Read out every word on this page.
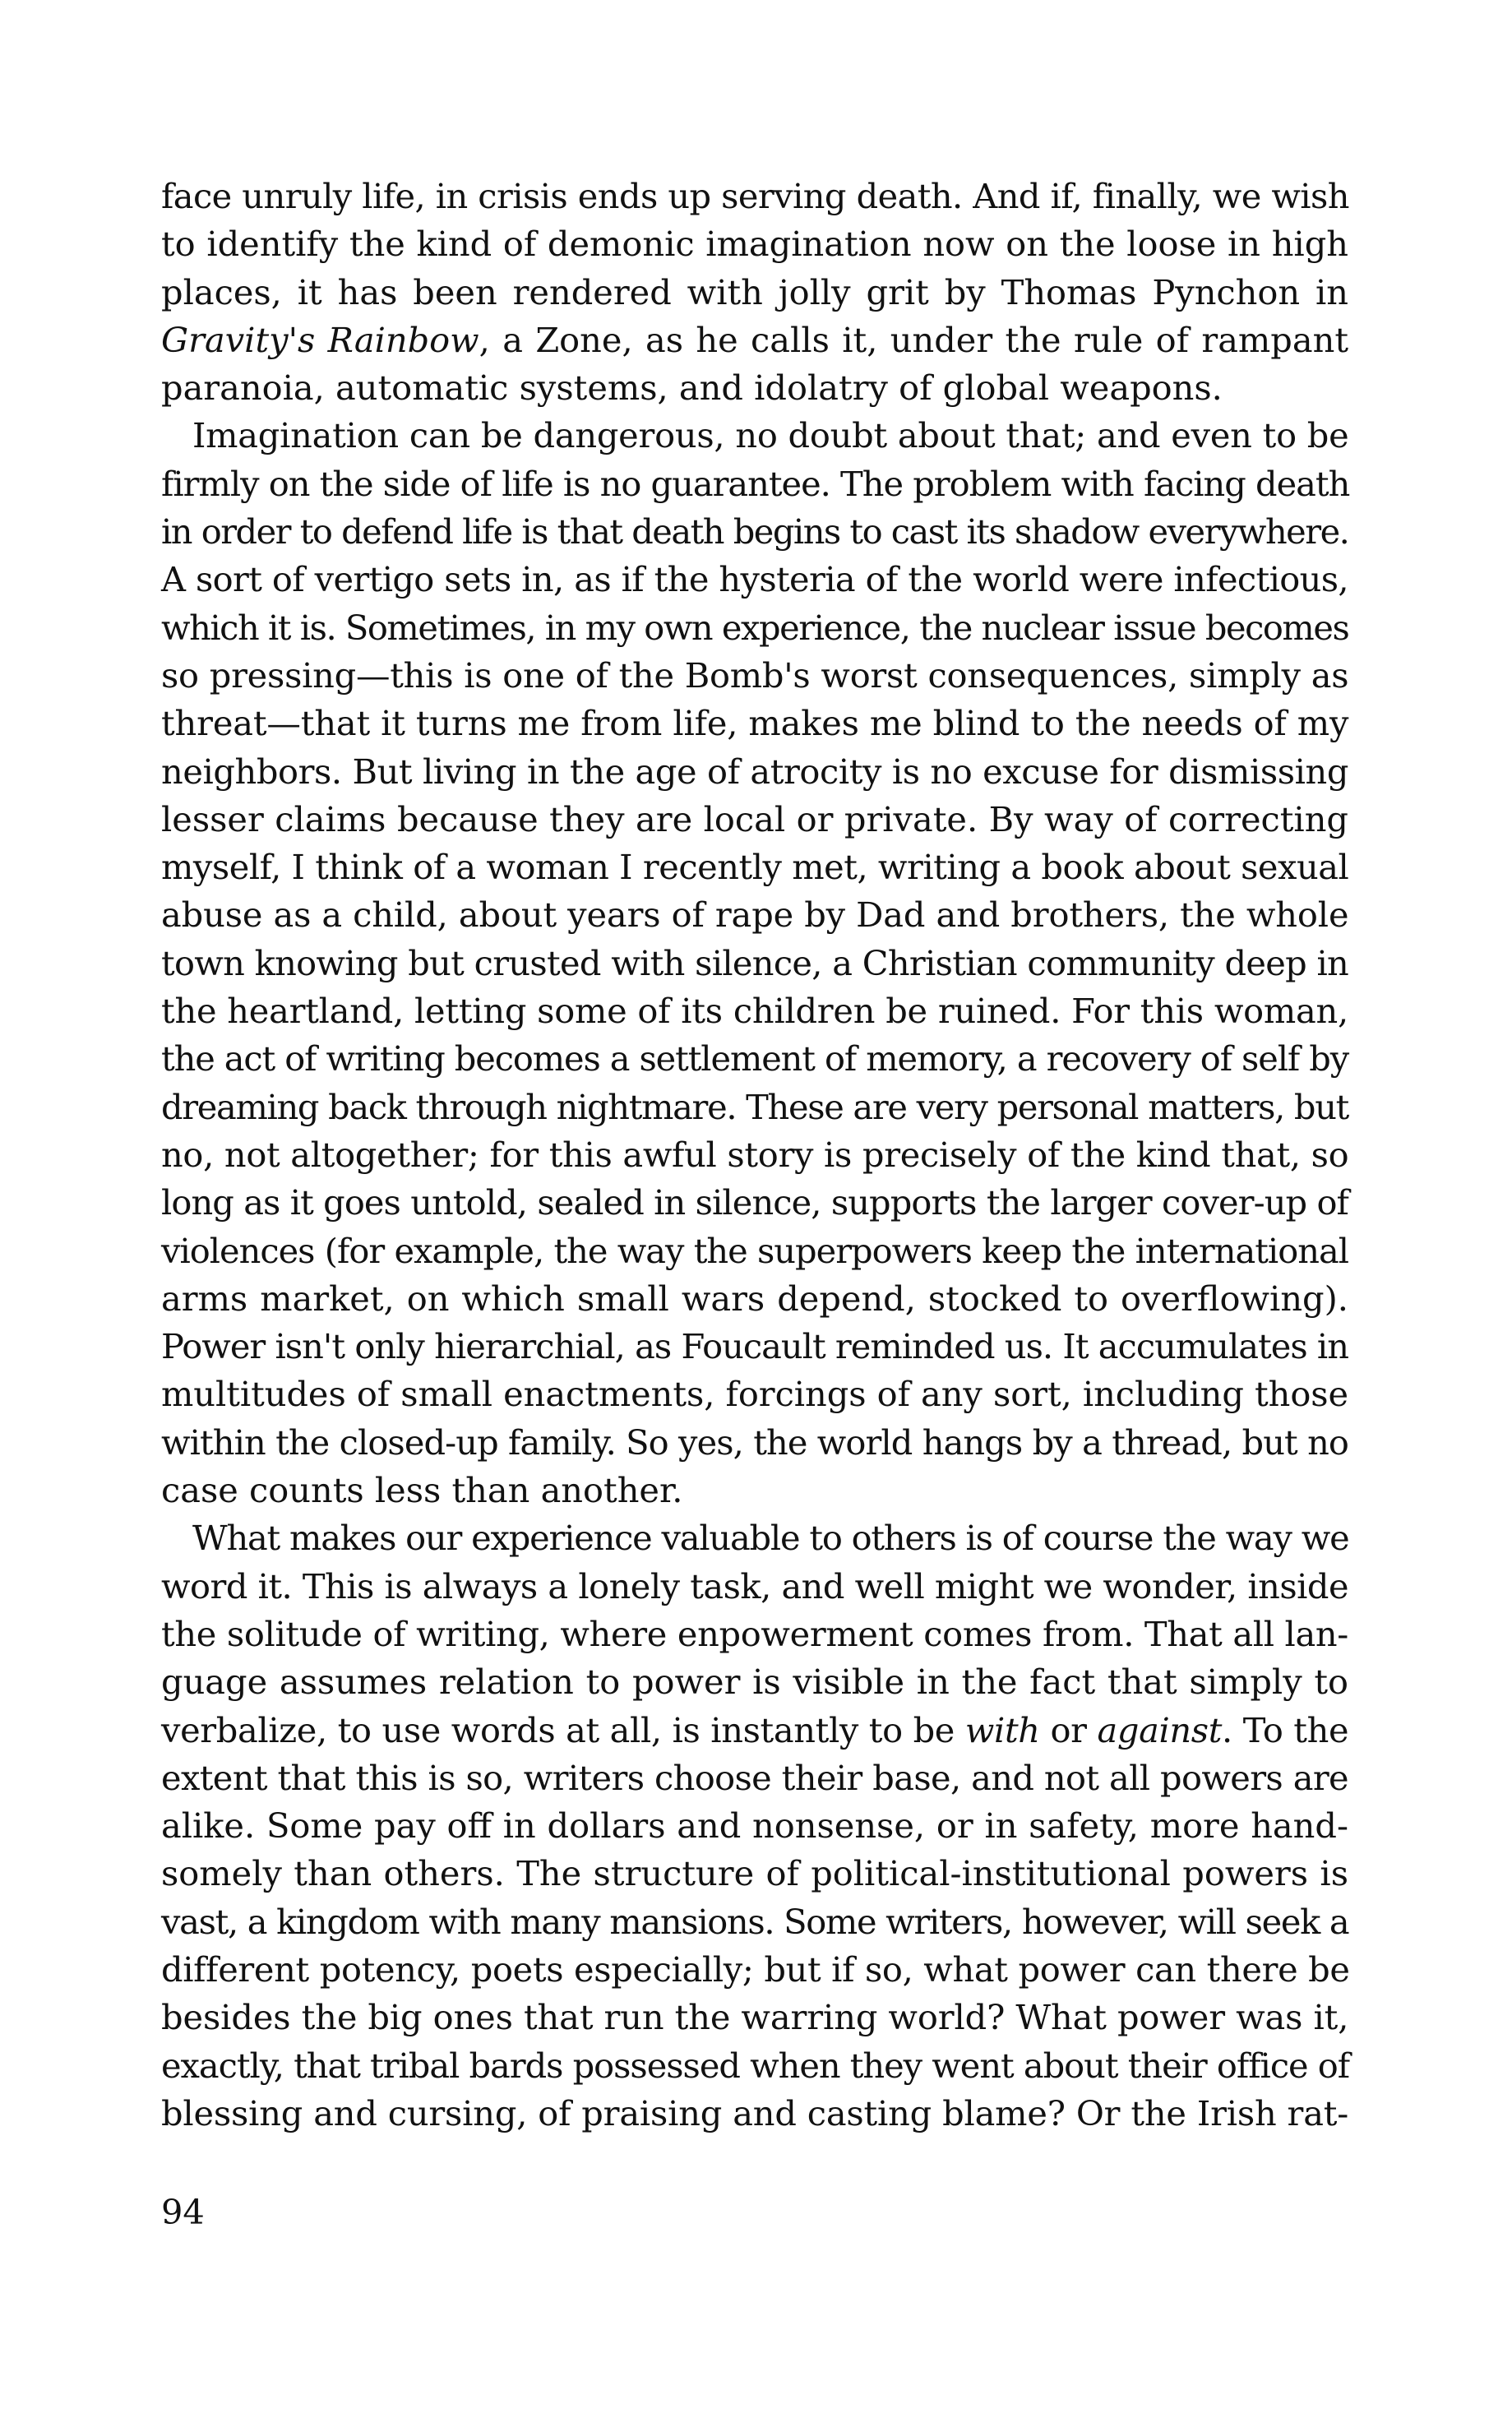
face unruly life, in crisis ends up serving death. And if, finally, we wish
to identify the kind of demonic imagination now on the loose in high
places, it has been rendered with jolly grit by Thomas Pynchon in
Gravity's Rainbow, a Zone, as he calls it, under the rule of rampant
paranoia, automatic systems, and idolatry of global weapons.
Imagination can be dangerous, no doubt about that; and even to be
firmly on the side of life is no guarantee. The problem with facing death
in order to defend life is that death begins to cast its shadow everywhere.
A sort of vertigo sets in, as if the hysteria of the world were infectious,
which it is. Sometimes, in my own experience, the nuclear issue becomes
so pressing—this is one of the Bomb's worst consequences, simply as
threat—that it turns me from life, makes me blind to the needs of my
neighbors. But living in the age of atrocity is no excuse for dismissing
lesser claims because they are local or private. By way of correcting
myself, I think of a woman I recently met, writing a book about sexual
abuse as a child, about years of rape by Dad and brothers, the whole
town knowing but crusted with silence, a Christian community deep in
the heartland, letting some of its children be ruined. For this woman,
the act of writing becomes a settlement of memory, a recovery of self by
dreaming back through nightmare. These are very personal matters, but
no, not altogether; for this awful story is precisely of the kind that, so
long as it goes untold, sealed in silence, supports the larger cover-up of
violences (for example, the way the superpowers keep the international
arms market, on which small wars depend, stocked to overflowing).
Power isn't only hierarchial, as Foucault reminded us. It accumulates in
multitudes of small enactments, forcings of any sort, including those
within the closed-up family. So yes, the world hangs by a thread, but no
case counts less than another.
What makes our experience valuable to others is of course the way we
word it. This is always a lonely task, and well might we wonder, inside
the solitude of writing, where enpowerment comes from. That all lan-
guage assumes relation to power is visible in the fact that simply to
verbalize, to use words at all, is instantly to be with or against. To the
extent that this is so, writers choose their base, and not all powers are
alike. Some pay off in dollars and nonsense, or in safety, more hand-
somely than others. The structure of political-institutional powers is
vast, a kingdom with many mansions. Some writers, however, will seek a
different potency, poets especially; but if so, what power can there be
besides the big ones that run the warring world? What power was it,
exactly, that tribal bards possessed when they went about their office of
blessing and cursing, of praising and casting blame? Or the Irish rat-
94
